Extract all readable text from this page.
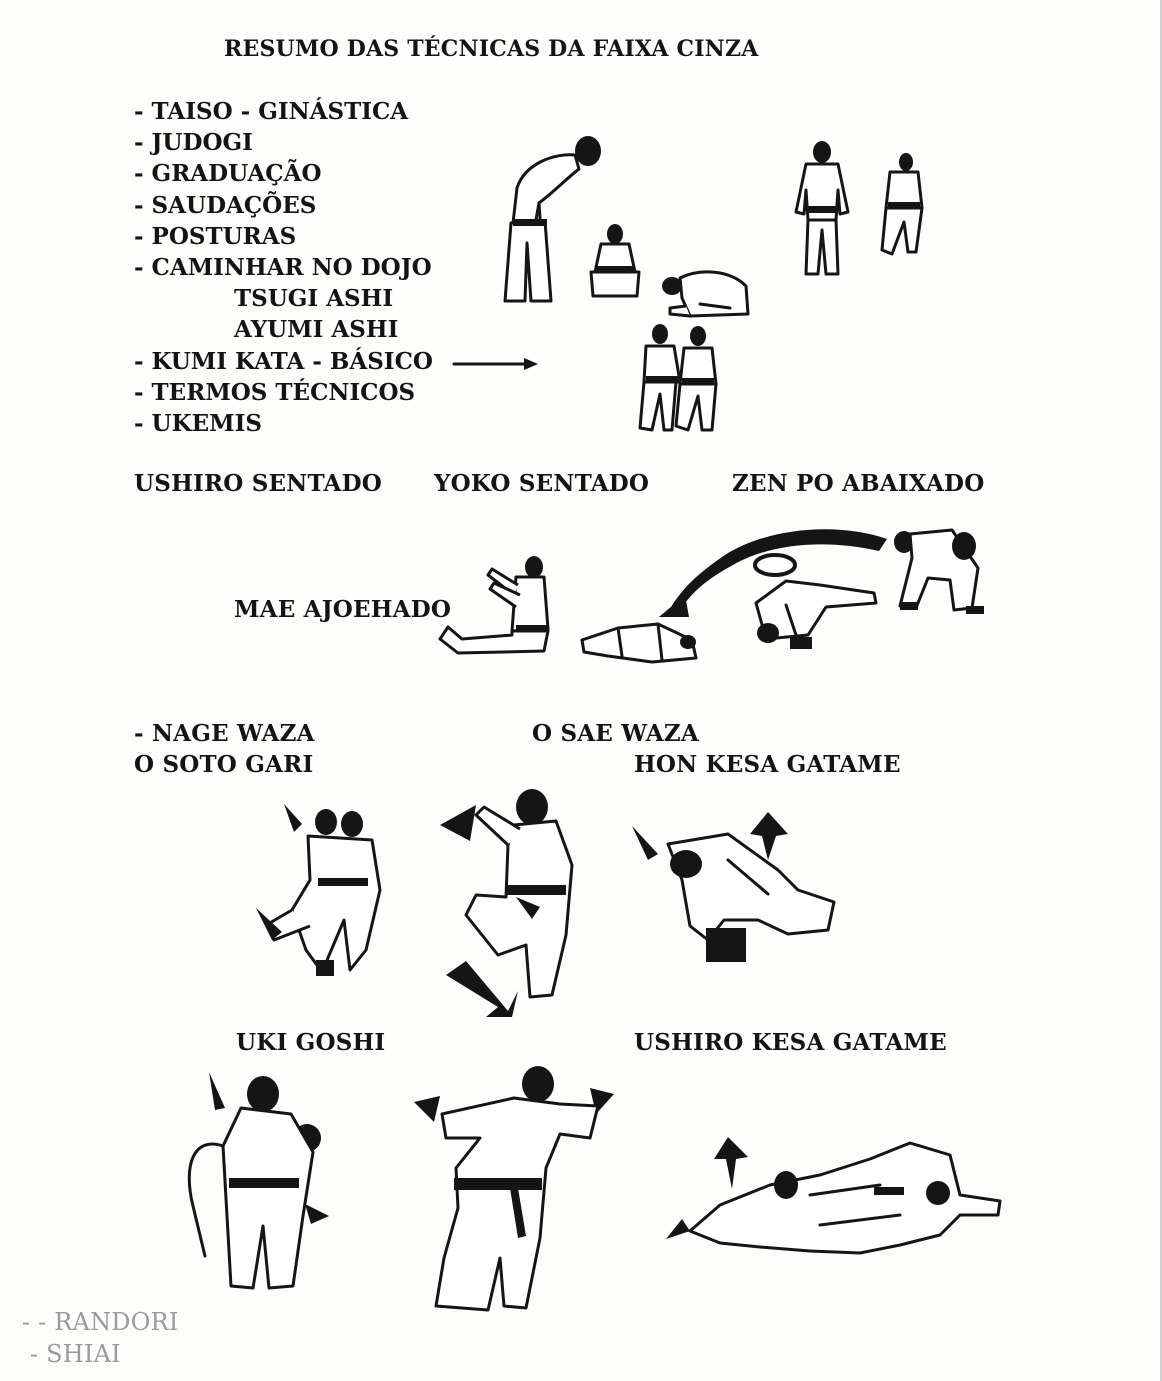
RESUMO DAS TÉCNICAS DA FAIXA CINZA
- TAISO - GINÁSTICA
- JUDOGI
- GRADUAÇÃO
- SAUDAÇÕES
- POSTURAS
- CAMINHAR NO DOJO
TSUGI ASHI
AYUMI ASHI
- KUMI KATA - BÁSICO
- TERMOS TÉCNICOS
- UKEMIS
USHIRO SENTADO YOKO SENTADO	ZEN PO ABAIXADO
MAE AJOEHADO
- NAGE WAZA	O SAE WAZA
O SOTO GARI	HON KESA GATAME
UKI GOSHI	USHIRO KESA GATAME
- - RANDORI
- SHIAI
